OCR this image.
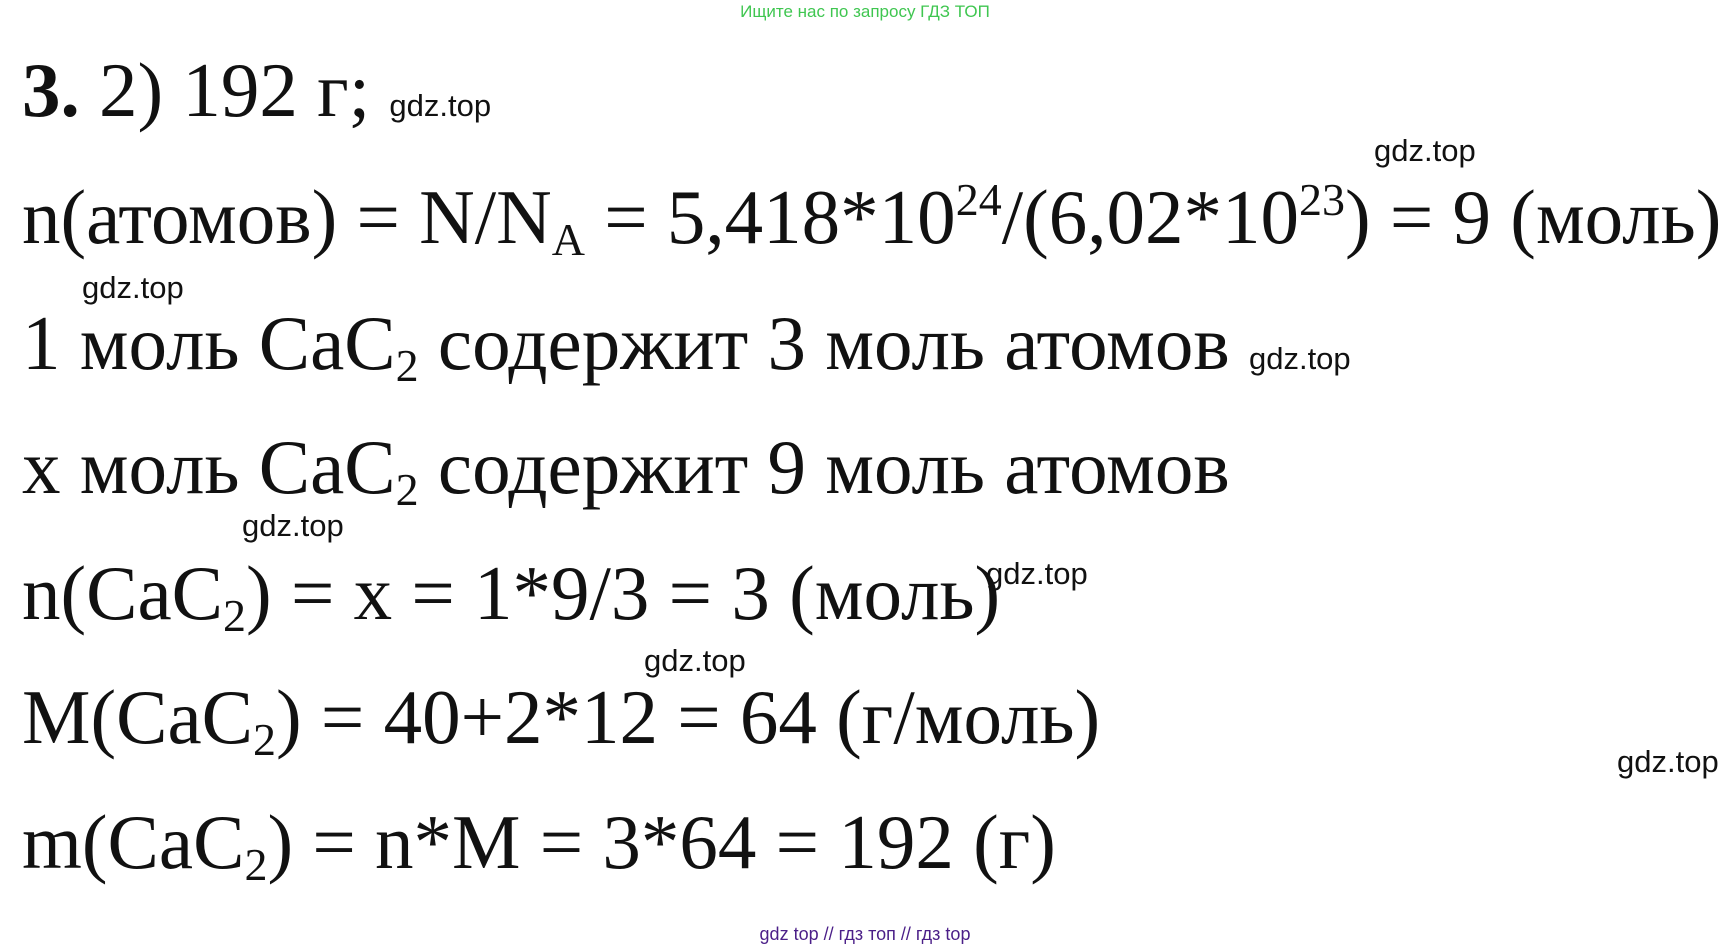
Ищите нас по запросу ГДЗ ТОП
3. 2) 192 г; gdz.top
n(атомов) = $N/N_A = 5,418*10^{24}/(6,02*10^{23}) = 9$ (моль)
1 моль CaC$_2$ содержит 3 моль атомов gdz.top
x моль CaC$_2$ содержит 9 моль атомов
n(CaC$_2$) = x = 1*9/3 = 3 (моль)
M(CaC$_2$) = 40+2*12 = 64 (г/моль)
m(CaC$_2$) = n*M = 3*64 = 192 (г)
gdz.top
gdz.top
gdz.top
gdz.top
gdz.top
gdz.top
gdz top // гдз топ // гдз top
